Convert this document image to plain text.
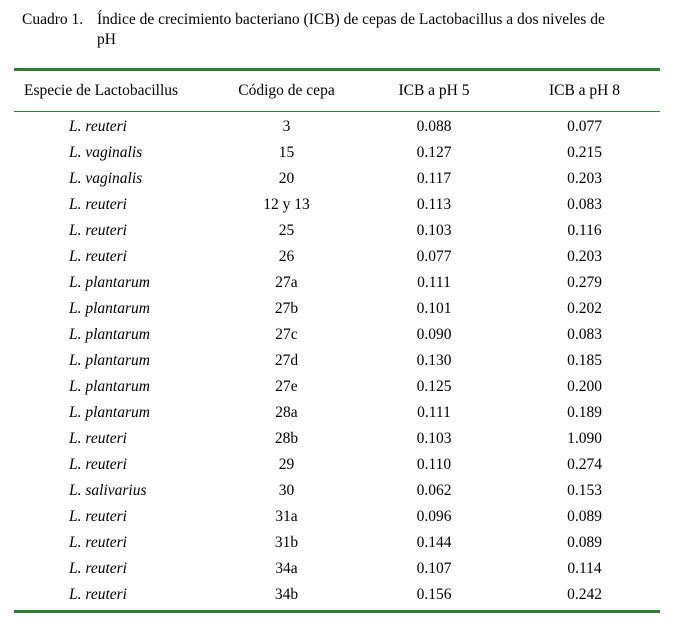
Cuadro 1. Índice de crecimiento bacteriano (ICB) de cepas de Lactobacillus a dos niveles de
pH
Especie de Lactobacillus	Código de cepa	ICB a pH 5	ICB a pH 8
L. reuteri	3	0.088	0.077
L. vaginalis	15	0.127	0.215
L. vaginalis	20	0.117	0.203
L. reuteri	12 y 13	0.113	0.083
L. reuteri	25	0.103	0.116
L. reuteri	26	0.077	0.203
L. plantarum	27a	0.111	0.279
L. plantarum	27b	0.101	0.202
L. plantarum	27c	0.090	0.083
L. plantarum	27d	0.130	0.185
L. plantarum	27e	0.125	0.200
L. plantarum	28a	0.111	0.189
L. reuteri	28b	0.103	1.090
L. reuteri	29	0.110	0.274
L. salivarius	30	0.062	0.153
L. reuteri	31a	0.096	0.089
L. reuteri	31b	0.144	0.089
L. reuteri	34a	0.107	0.114
L. reuteri	34b	0.156	0.242
